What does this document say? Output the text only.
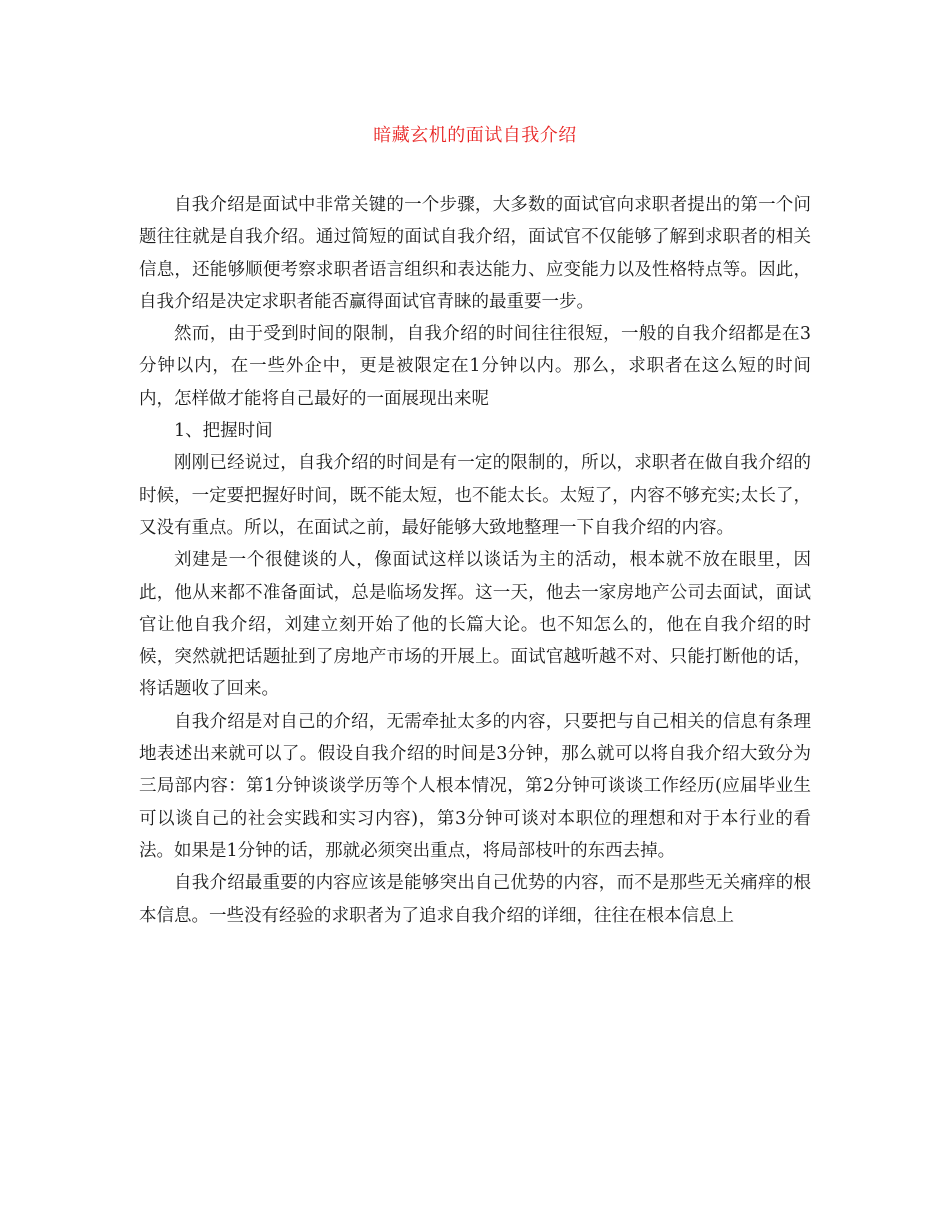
暗藏玄机的面试自我介绍

自我介绍是面试中非常关键的一个步骤，大多数的面试官向求职者提出的第一个问题往往就是自我介绍。通过简短的面试自我介绍，面试官不仅能够了解到求职者的相关信息，还能够顺便考察求职者语言组织和表达能力、应变能力以及性格特点等。因此，自我介绍是决定求职者能否赢得面试官青睐的最重要一步。

然而，由于受到时间的限制，自我介绍的时间往往很短，一般的自我介绍都是在3分钟以内，在一些外企中，更是被限定在1分钟以内。那么，求职者在这么短的时间内，怎样做才能将自己最好的一面展现出来呢

1、把握时间

刚刚已经说过，自我介绍的时间是有一定的限制的，所以，求职者在做自我介绍的时候，一定要把握好时间，既不能太短，也不能太长。太短了，内容不够充实;太长了，又没有重点。所以，在面试之前，最好能够大致地整理一下自我介绍的内容。

刘建是一个很健谈的人，像面试这样以谈话为主的活动，根本就不放在眼里，因此，他从来都不准备面试，总是临场发挥。这一天，他去一家房地产公司去面试，面试官让他自我介绍，刘建立刻开始了他的长篇大论。也不知怎么的，他在自我介绍的时候，突然就把话题扯到了房地产市场的开展上。面试官越听越不对、只能打断他的话，将话题收了回来。

自我介绍是对自己的介绍，无需牵扯太多的内容，只要把与自己相关的信息有条理地表述出来就可以了。假设自我介绍的时间是3分钟，那么就可以将自我介绍大致分为三局部内容：第1分钟谈谈学历等个人根本情况，第2分钟可谈谈工作经历(应届毕业生可以谈自己的社会实践和实习内容)，第3分钟可谈对本职位的理想和对于本行业的看法。如果是1分钟的话，那就必须突出重点，将局部枝叶的东西去掉。

自我介绍最重要的内容应该是能够突出自己优势的内容，而不是那些无关痛痒的根本信息。一些没有经验的求职者为了追求自我介绍的详细，往往在根本信息上
